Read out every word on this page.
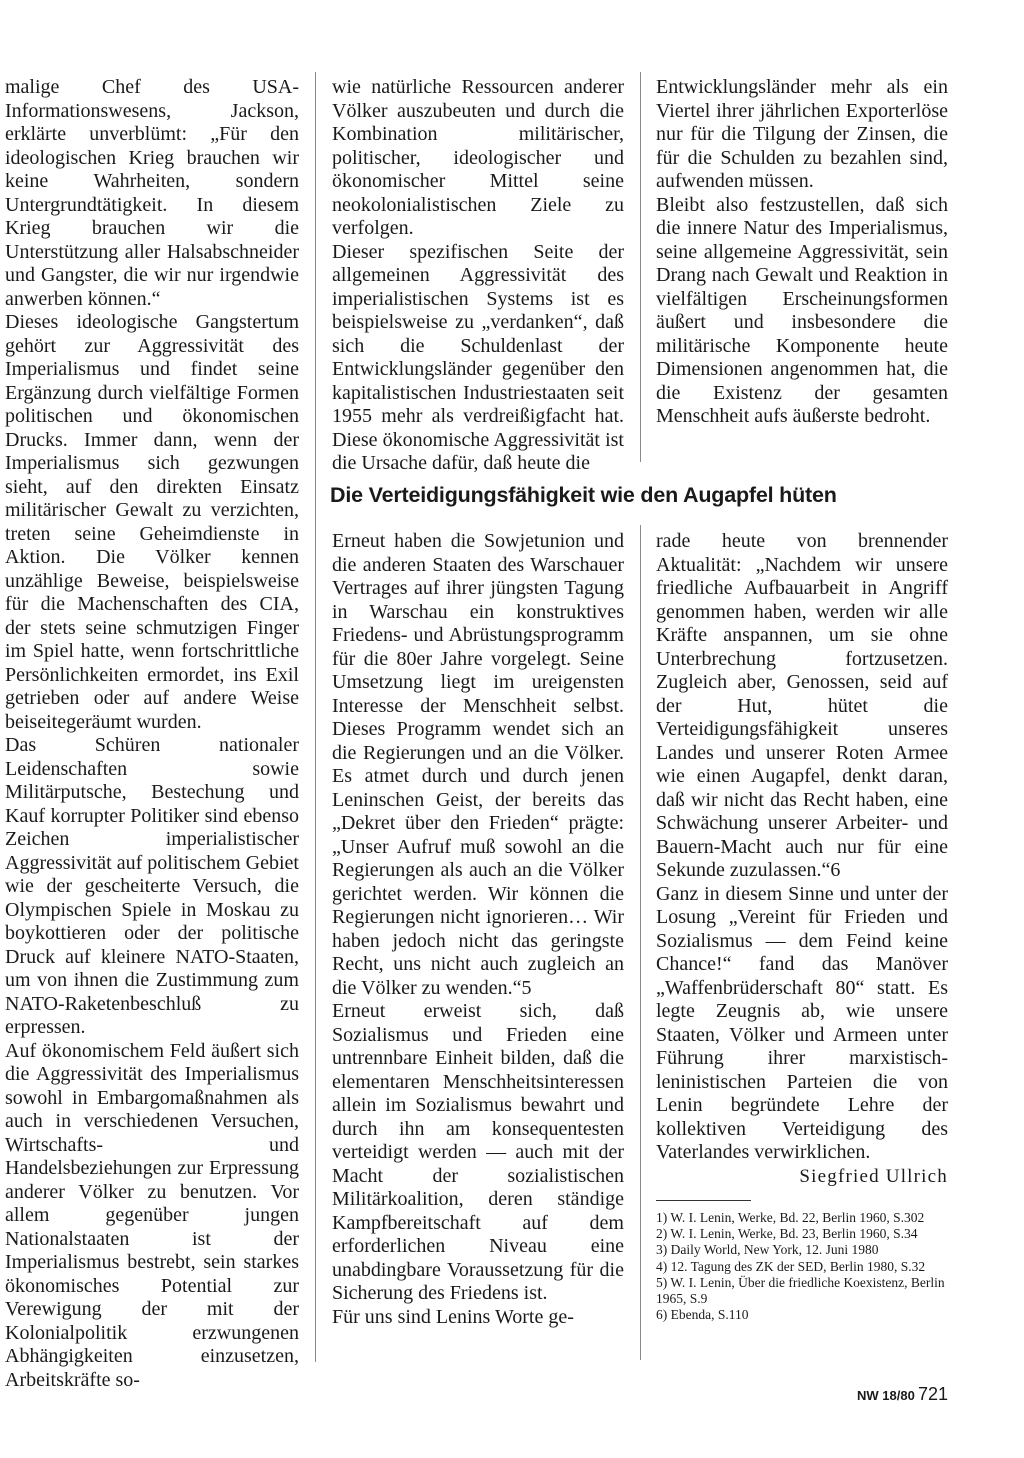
malige Chef des USA-Informationswesens, Jackson, erklärte unverblümt: „Für den ideologischen Krieg brauchen wir keine Wahrheiten, sondern Untergrundtätigkeit. In diesem Krieg brauchen wir die Unterstützung aller Halsabschneider und Gangster, die wir nur irgendwie anwerben können.“

Dieses ideologische Gangstertum gehört zur Aggressivität des Imperialismus und findet seine Ergänzung durch vielfältige Formen politischen und ökonomischen Drucks. Immer dann, wenn der Imperialismus sich gezwungen sieht, auf den direkten Einsatz militärischer Gewalt zu verzichten, treten seine Geheimdienste in Aktion. Die Völker kennen unzählige Beweise, beispielsweise für die Machenschaften des CIA, der stets seine schmutzigen Finger im Spiel hatte, wenn fortschrittliche Persönlichkeiten ermordet, ins Exil getrieben oder auf andere Weise beiseitegeräumt wurden.

Das Schüren nationaler Leidenschaften sowie Militärputsche, Bestechung und Kauf korrupter Politiker sind ebenso Zeichen imperialistischer Aggressivität auf politischem Gebiet wie der gescheiterte Versuch, die Olympischen Spiele in Moskau zu boykottieren oder der politische Druck auf kleinere NATO-Staaten, um von ihnen die Zustimmung zum NATO-Raketenbeschluß zu erpressen.

Auf ökonomischem Feld äußert sich die Aggressivität des Imperialismus sowohl in Embargomaßnahmen als auch in verschiedenen Versuchen, Wirtschafts- und Handelsbeziehungen zur Erpressung anderer Völker zu benutzen. Vor allem gegenüber jungen Nationalstaaten ist der Imperialismus bestrebt, sein starkes ökonomisches Potential zur Verewigung der mit der Kolonialpolitik erzwungenen Abhängigkeiten einzusetzen, Arbeitskräfte so-

wie natürliche Ressourcen anderer Völker auszubeuten und durch die Kombination militärischer, politischer, ideologischer und ökonomischer Mittel seine neokolonialistischen Ziele zu verfolgen.

Dieser spezifischen Seite der allgemeinen Aggressivität des imperialistischen Systems ist es beispielsweise zu „verdanken“, daß sich die Schuldenlast der Entwicklungsländer gegenüber den kapitalistischen Industriestaaten seit 1955 mehr als verdreißigfacht hat. Diese ökonomische Aggressivität ist die Ursache dafür, daß heute die

Entwicklungsländer mehr als ein Viertel ihrer jährlichen Exporterlöse nur für die Tilgung der Zinsen, die für die Schulden zu bezahlen sind, aufwenden müssen.

Bleibt also festzustellen, daß sich die innere Natur des Imperialismus, seine allgemeine Aggressivität, sein Drang nach Gewalt und Reaktion in vielfältigen Erscheinungsformen äußert und insbesondere die militärische Komponente heute Dimensionen angenommen hat, die die Existenz der gesamten Menschheit aufs äußerste bedroht.

Die Verteidigungsfähigkeit wie den Augapfel hüten

Erneut haben die Sowjetunion und die anderen Staaten des Warschauer Vertrages auf ihrer jüngsten Tagung in Warschau ein konstruktives Friedens- und Abrüstungsprogramm für die 80er Jahre vorgelegt. Seine Umsetzung liegt im ureigensten Interesse der Menschheit selbst. Dieses Programm wendet sich an die Regierungen und an die Völker. Es atmet durch und durch jenen Leninschen Geist, der bereits das „Dekret über den Frieden“ prägte: „Unser Aufruf muß sowohl an die Regierungen als auch an die Völker gerichtet werden. Wir können die Regierungen nicht ignorieren… Wir haben jedoch nicht das geringste Recht, uns nicht auch zugleich an die Völker zu wenden.“5

Erneut erweist sich, daß Sozialismus und Frieden eine untrennbare Einheit bilden, daß die elementaren Menschheitsinteressen allein im Sozialismus bewahrt und durch ihn am konsequentesten verteidigt werden — auch mit der Macht der sozialistischen Militärkoalition, deren ständige Kampfbereitschaft auf dem erforderlichen Niveau eine unabdingbare Voraussetzung für die Sicherung des Friedens ist.

Für uns sind Lenins Worte ge-

rade heute von brennender Aktualität: „Nachdem wir unsere friedliche Aufbauarbeit in Angriff genommen haben, werden wir alle Kräfte anspannen, um sie ohne Unterbrechung fortzusetzen. Zugleich aber, Genossen, seid auf der Hut, hütet die Verteidigungsfähigkeit unseres Landes und unserer Roten Armee wie einen Augapfel, denkt daran, daß wir nicht das Recht haben, eine Schwächung unserer Arbeiter- und Bauern-Macht auch nur für eine Sekunde zuzulassen.“6

Ganz in diesem Sinne und unter der Losung „Vereint für Frieden und Sozialismus — dem Feind keine Chance!“ fand das Manöver „Waffenbrüderschaft 80“ statt. Es legte Zeugnis ab, wie unsere Staaten, Völker und Armeen unter Führung ihrer marxistisch-leninistischen Parteien die von Lenin begründete Lehre der kollektiven Verteidigung des Vaterlandes verwirklichen.

Siegfried Ullrich
1) W. I. Lenin, Werke, Bd. 22, Berlin 1960, S.302
2) W. I. Lenin, Werke, Bd. 23, Berlin 1960, S.34
3) Daily World, New York, 12. Juni 1980
4) 12. Tagung des ZK der SED, Berlin 1980, S.32
5) W. I. Lenin, Über die friedliche Koexistenz, Berlin 1965, S.9
6) Ebenda, S.110
NW 18/80 721
